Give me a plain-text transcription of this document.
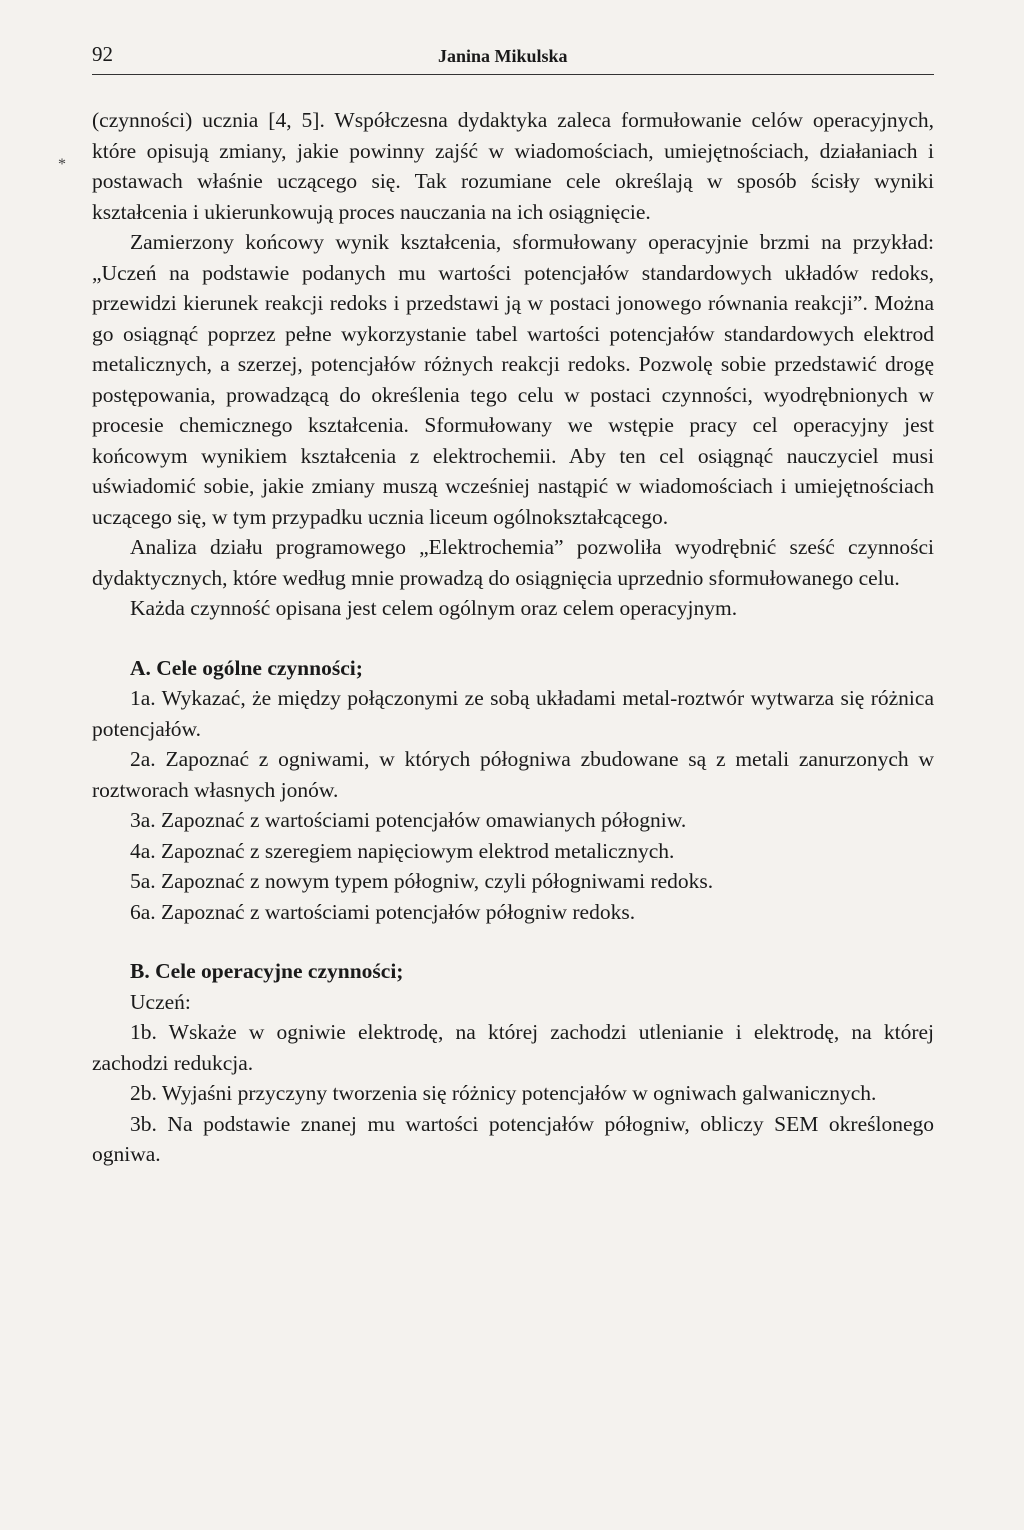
*
92	Janina Mikulska

(czynności) ucznia [4, 5]. Współczesna dydaktyka zaleca formułowanie celów operacyjnych, które opisują zmiany, jakie powinny zajść w wiadomościach, umiejętnościach, działaniach i postawach właśnie uczącego się. Tak rozumiane cele określają w sposób ścisły wyniki kształcenia i ukierunkowują proces nauczania na ich osiągnięcie.

Zamierzony końcowy wynik kształcenia, sformułowany operacyjnie brzmi na przykład: „Uczeń na podstawie podanych mu wartości potencjałów standardowych układów redoks, przewidzi kierunek reakcji redoks i przedstawi ją w postaci jonowego równania reakcji”. Można go osiągnąć poprzez pełne wykorzystanie tabel wartości potencjałów standardowych elektrod metalicznych, a szerzej, potencjałów różnych reakcji redoks. Pozwolę sobie przedstawić drogę postępowania, prowadzącą do określenia tego celu w postaci czynności, wyodrębnionych w procesie chemicznego kształcenia. Sformułowany we wstępie pracy cel operacyjny jest końcowym wynikiem kształcenia z elektrochemii. Aby ten cel osiągnąć nauczyciel musi uświadomić sobie, jakie zmiany muszą wcześniej nastąpić w wiadomościach i umiejętnościach uczącego się, w tym przypadku ucznia liceum ogólnokształcącego.

Analiza działu programowego „Elektrochemia” pozwoliła wyodrębnić sześć czynności dydaktycznych, które według mnie prowadzą do osiągnięcia uprzednio sformułowanego celu.

Każda czynność opisana jest celem ogólnym oraz celem operacyjnym.

A. Cele ogólne czynności;

1a. Wykazać, że między połączonymi ze sobą układami metal-roztwór wytwarza się różnica potencjałów.

2a. Zapoznać z ogniwami, w których półogniwa zbudowane są z metali zanurzonych w roztworach własnych jonów.

3a. Zapoznać z wartościami potencjałów omawianych półogniw.

4a. Zapoznać z szeregiem napięciowym elektrod metalicznych.

5a. Zapoznać z nowym typem półogniw, czyli półogniwami redoks.

6a. Zapoznać z wartościami potencjałów półogniw redoks.

B. Cele operacyjne czynności;

Uczeń:

1b. Wskaże w ogniwie elektrodę, na której zachodzi utlenianie i elektrodę, na której zachodzi redukcja.

2b. Wyjaśni przyczyny tworzenia się różnicy potencjałów w ogniwach galwanicznych.

3b. Na podstawie znanej mu wartości potencjałów półogniw, obliczy SEM określonego ogniwa.
